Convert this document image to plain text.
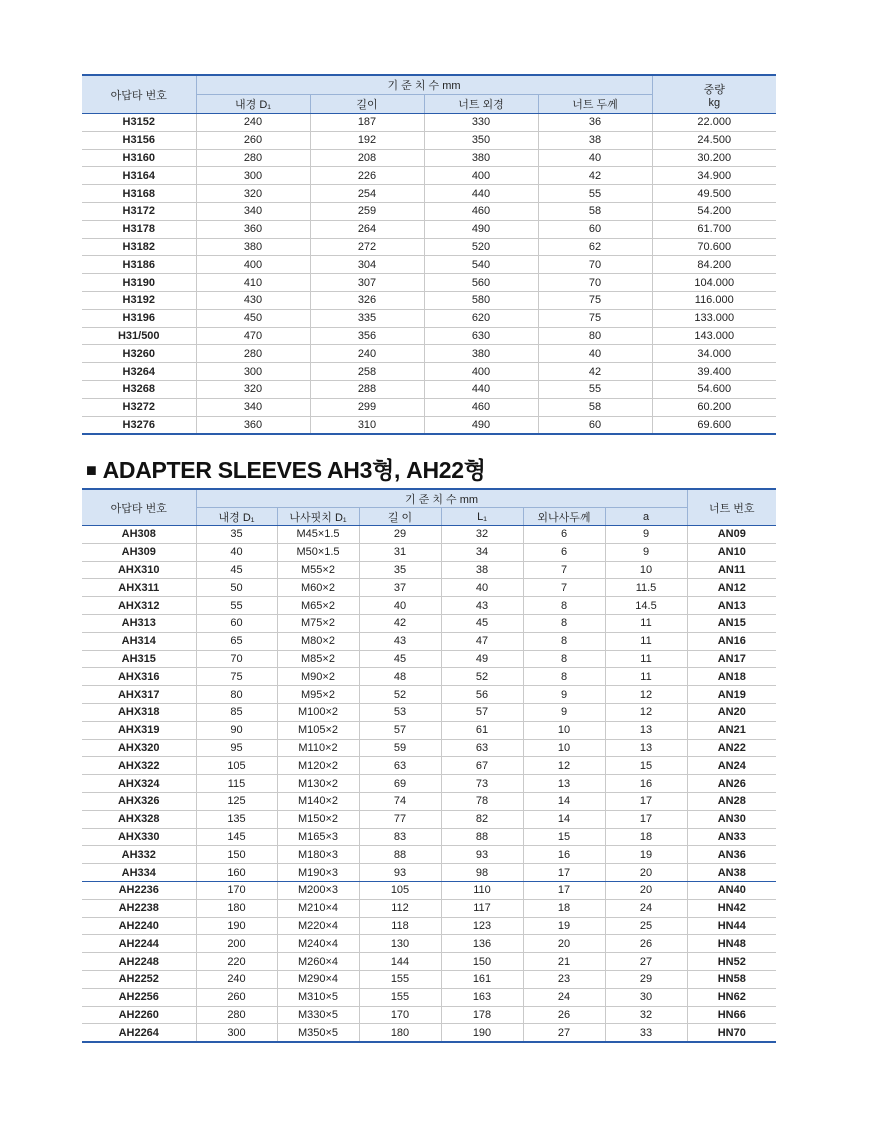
아답타 번호	기 준 치 수 mm				중량
kg

	내경 D₁	길이	너트 외경	너트 두께	
H3152	240	187	330	36	22.000
H3156	260	192	350	38	24.500
H3160	280	208	380	40	30.200
H3164	300	226	400	42	34.900
H3168	320	254	440	55	49.500
H3172	340	259	460	58	54.200
H3178	360	264	490	60	61.700
H3182	380	272	520	62	70.600
H3186	400	304	540	70	84.200
H3190	410	307	560	70	104.000
H3192	430	326	580	75	116.000
H3196	450	335	620	75	133.000
H31/500	470	356	630	80	143.000
H3260	280	240	380	40	34.000
H3264	300	258	400	42	39.400
H3268	320	288	440	55	54.600
H3272	340	299	460	58	60.200
H3276	360	310	490	60	69.600
■ ADAPTER SLEEVES AH3형, AH22형
아답타 번호	기 준 치 수 mm						너트 번호
	내경 D₁	나사핏치 D₁	길 이	L₁	외나사두께	a	
AH308	35	M45×1.5	29	32	6	9	AN09
AH309	40	M50×1.5	31	34	6	9	AN10
AHX310	45	M55×2	35	38	7	10	AN11
AHX311	50	M60×2	37	40	7	11.5	AN12
AHX312	55	M65×2	40	43	8	14.5	AN13
AH313	60	M75×2	42	45	8	11	AN15
AH314	65	M80×2	43	47	8	11	AN16
AH315	70	M85×2	45	49	8	11	AN17
AHX316	75	M90×2	48	52	8	11	AN18
AHX317	80	M95×2	52	56	9	12	AN19
AHX318	85	M100×2	53	57	9	12	AN20
AHX319	90	M105×2	57	61	10	13	AN21
AHX320	95	M110×2	59	63	10	13	AN22
AHX322	105	M120×2	63	67	12	15	AN24
AHX324	115	M130×2	69	73	13	16	AN26
AHX326	125	M140×2	74	78	14	17	AN28
AHX328	135	M150×2	77	82	14	17	AN30
AHX330	145	M165×3	83	88	15	18	AN33
AH332	150	M180×3	88	93	16	19	AN36
AH334	160	M190×3	93	98	17	20	AN38
AH2236	170	M200×3	105	110	17	20	AN40
AH2238	180	M210×4	112	117	18	24	HN42
AH2240	190	M220×4	118	123	19	25	HN44
AH2244	200	M240×4	130	136	20	26	HN48
AH2248	220	M260×4	144	150	21	27	HN52
AH2252	240	M290×4	155	161	23	29	HN58
AH2256	260	M310×5	155	163	24	30	HN62
AH2260	280	M330×5	170	178	26	32	HN66
AH2264	300	M350×5	180	190	27	33	HN70
